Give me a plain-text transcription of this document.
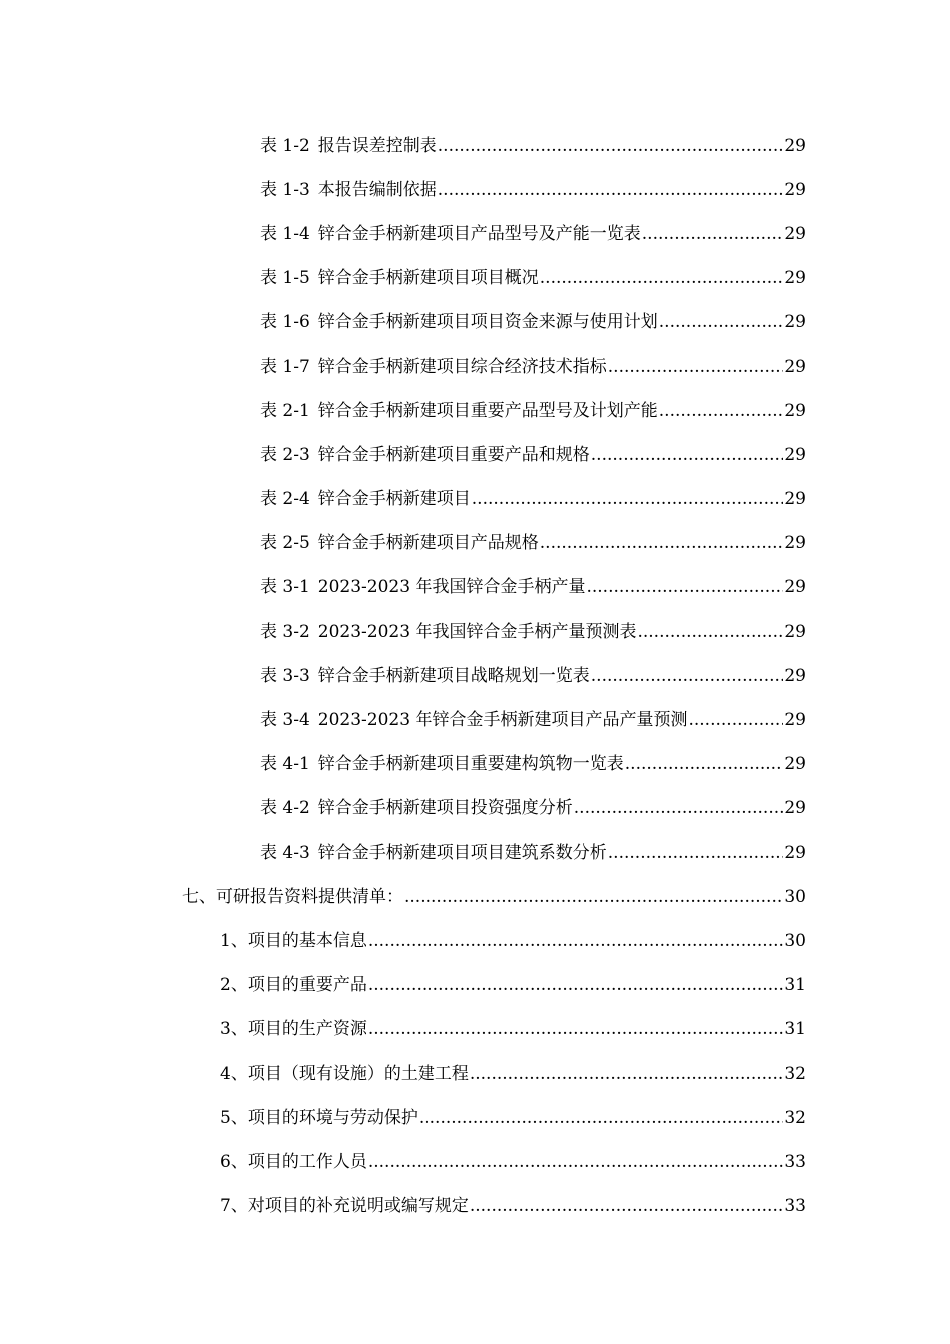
表 1-2 报告误差控制表 .....	29
表 1-3 本报告编制依据 .....	29
表 1-4 锌合金手柄新建项目产品型号及产能一览表 .....	29
表 1-5 锌合金手柄新建项目项目概况 .....	29
表 1-6 锌合金手柄新建项目项目资金来源与使用计划 .....	29
表 1-7 锌合金手柄新建项目综合经济技术指标 .....	29
表 2-1 锌合金手柄新建项目重要产品型号及计划产能 .....	29
表 2-3 锌合金手柄新建项目重要产品和规格 .....	29
表 2-4 锌合金手柄新建项目 .....	29
表 2-5 锌合金手柄新建项目产品规格 .....	29
表 3-1 2023-2023 年我国锌合金手柄产量 .....	29
表 3-2 2023-2023 年我国锌合金手柄产量预测表 .....	29
表 3-3 锌合金手柄新建项目战略规划一览表 .....	29
表 3-4 2023-2023 年锌合金手柄新建项目产品产量预测 .....	29
表 4-1 锌合金手柄新建项目重要建构筑物一览表 .....	29
表 4-2 锌合金手柄新建项目投资强度分析 .....	29
表 4-3 锌合金手柄新建项目项目建筑系数分析 .....	29
七、可研报告资料提供清单： .....	30
1、项目的基本信息 .....	30
2、项目的重要产品 .....	31
3、项目的生产资源 .....	31
4、项目（现有设施）的土建工程 .....	32
5、项目的环境与劳动保护 .....	32
6、项目的工作人员 .....	33
7、对项目的补充说明或编写规定 .....	33
